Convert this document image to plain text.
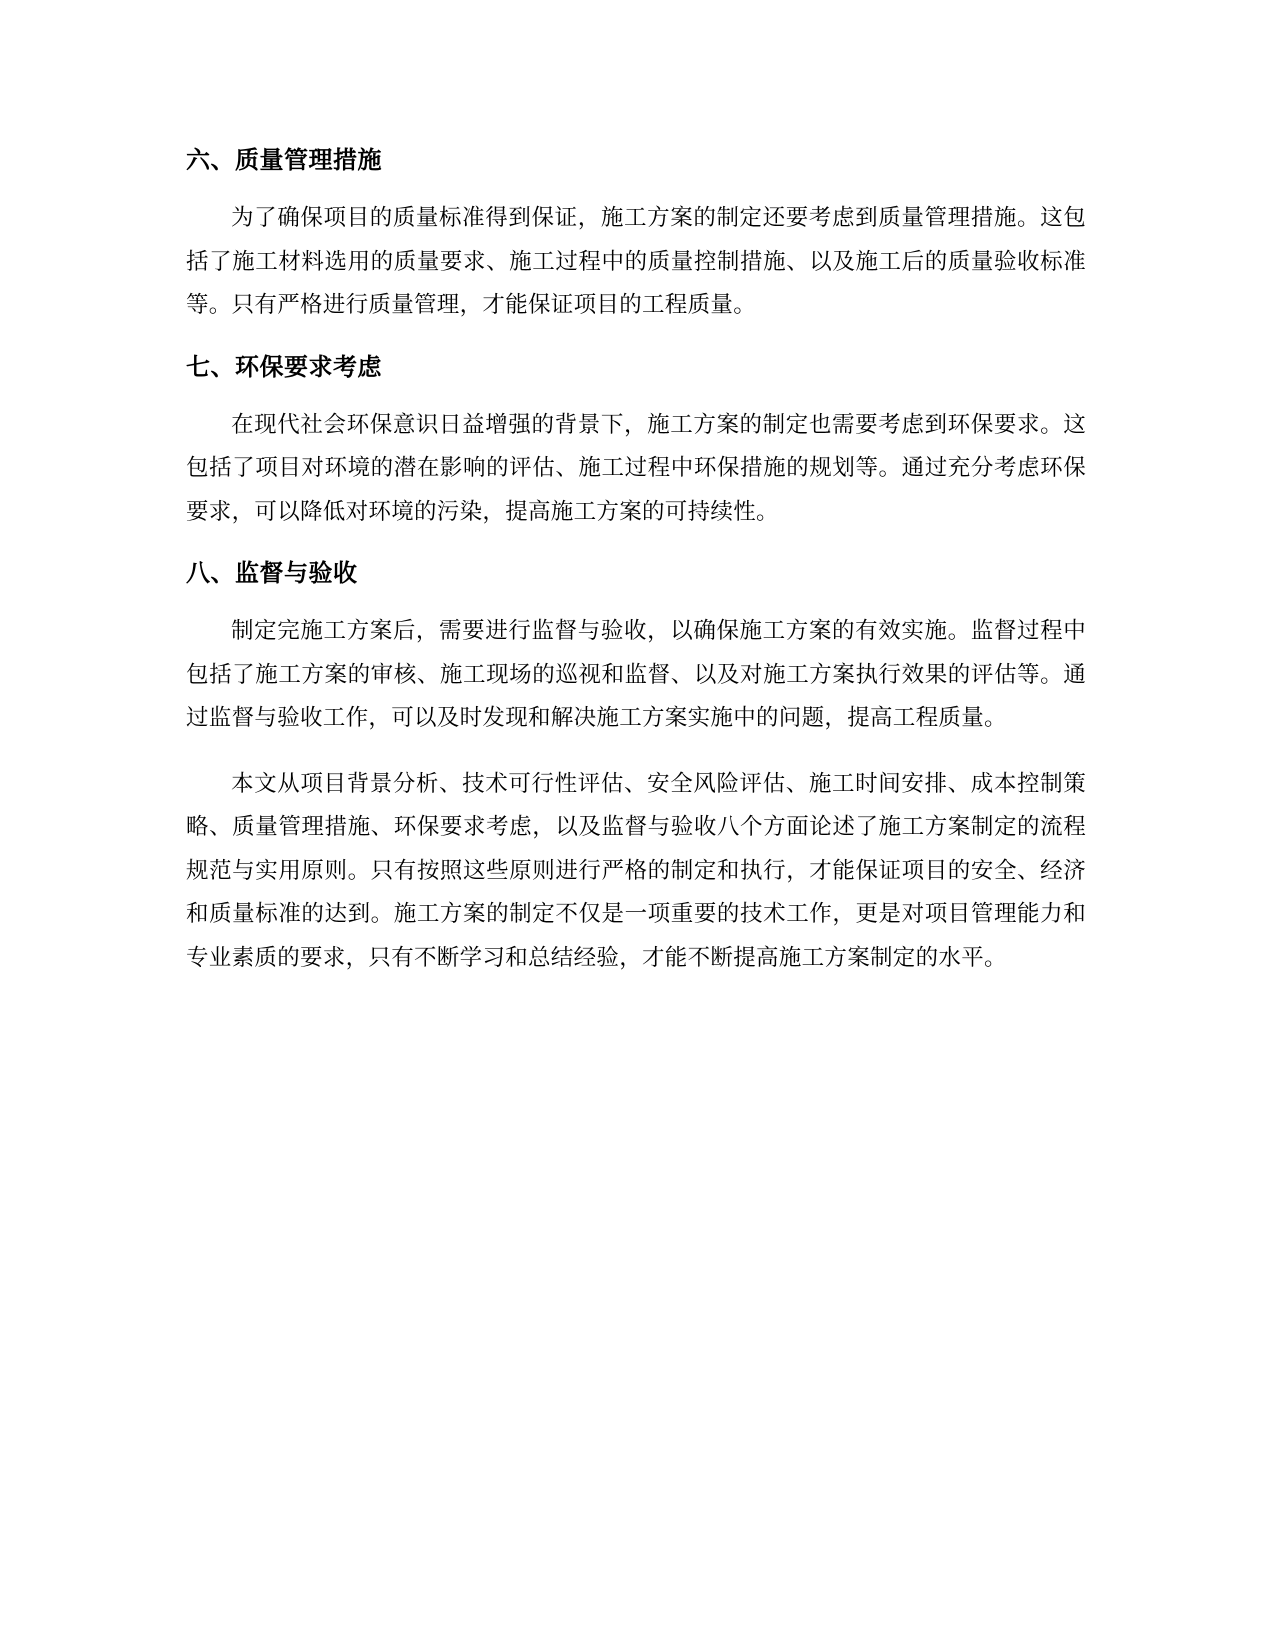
六、质量管理措施

为了确保项目的质量标准得到保证，施工方案的制定还要考虑到质量管理措施。这包括了施工材料选用的质量要求、施工过程中的质量控制措施、以及施工后的质量验收标准等。只有严格进行质量管理，才能保证项目的工程质量。

七、环保要求考虑

在现代社会环保意识日益增强的背景下，施工方案的制定也需要考虑到环保要求。这包括了项目对环境的潜在影响的评估、施工过程中环保措施的规划等。通过充分考虑环保要求，可以降低对环境的污染，提高施工方案的可持续性。

八、监督与验收

制定完施工方案后，需要进行监督与验收，以确保施工方案的有效实施。监督过程中包括了施工方案的审核、施工现场的巡视和监督、以及对施工方案执行效果的评估等。通过监督与验收工作，可以及时发现和解决施工方案实施中的问题，提高工程质量。

本文从项目背景分析、技术可行性评估、安全风险评估、施工时间安排、成本控制策略、质量管理措施、环保要求考虑，以及监督与验收八个方面论述了施工方案制定的流程规范与实用原则。只有按照这些原则进行严格的制定和执行，才能保证项目的安全、经济和质量标准的达到。施工方案的制定不仅是一项重要的技术工作，更是对项目管理能力和专业素质的要求，只有不断学习和总结经验，才能不断提高施工方案制定的水平。
